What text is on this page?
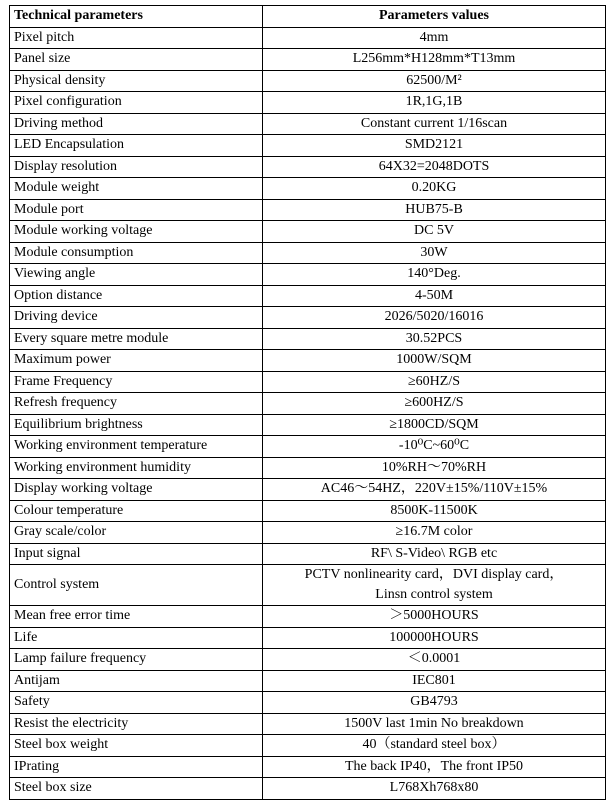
Technical parameters	Parameters values
Pixel pitch	4mm
Panel size	L256mm*H128mm*T13mm
Physical density	62500/M²
Pixel configuration	1R,1G,1B
Driving method	Constant current 1/16scan
LED Encapsulation	SMD2121
Display resolution	64X32=2048DOTS
Module weight	0.20KG
Module port	HUB75-B
Module working voltage	DC 5V
Module consumption	30W
Viewing angle	140°Deg.
Option distance	4-50M
Driving device	2026/5020/16016
Every square metre module	30.52PCS
Maximum power	1000W/SQM
Frame Frequency	≥60HZ/S
Refresh frequency	≥600HZ/S
Equilibrium brightness	≥1800CD/SQM
Working environment temperature	-10⁰C~60⁰C
Working environment humidity	10%RH～70%RH
Display working voltage	AC46～54HZ，220V±15%/110V±15%
Colour temperature	8500K-11500K
Gray scale/color	≥16.7M color
Input signal	RF\ S-Video\ RGB etc
Control system	PCTV nonlinearity card，DVI display card，
Linsn control system

Mean free error time	＞5000HOURS
Life	100000HOURS
Lamp failure frequency	＜0.0001
Antijam	IEC801
Safety	GB4793
Resist the electricity	1500V last 1min No breakdown
Steel box weight	40（standard steel box）
IPrating	The back IP40，The front IP50
Steel box size	L768Xh768x80
